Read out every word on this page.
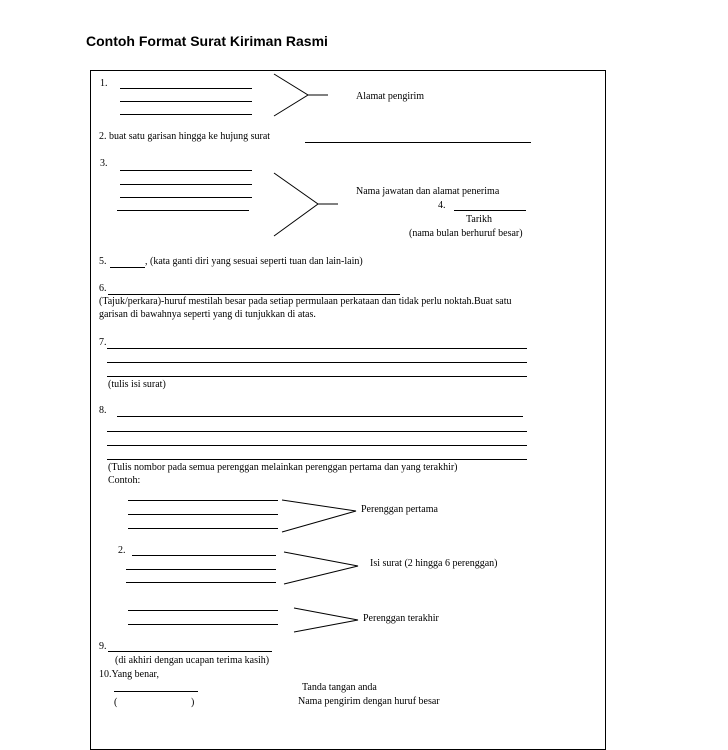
Contoh Format Surat Kiriman Rasmi
1.
Alamat pengirim
2. buat satu garisan hingga ke hujung surat
3.
Nama jawatan dan alamat penerima
4.
Tarikh
(nama bulan berhuruf besar)
5.	, (kata ganti diri yang sesuai seperti tuan dan lain-lain)
6.
(Tajuk/perkara)-huruf mestilah besar pada setiap permulaan perkataan dan tidak perlu noktah.Buat satu
garisan di bawahnya seperti yang di tunjukkan di atas.
7.
(tulis isi surat)
8.
(Tulis nombor pada semua perenggan melainkan perenggan pertama dan yang terakhir)
Contoh:
Perenggan pertama
2.
Isi surat (2 hingga 6 perenggan)
Perenggan terakhir
9.
(di akhiri dengan ucapan terima kasih)
10.Yang benar,
(	)
Tanda tangan anda
Nama pengirim dengan huruf besar
